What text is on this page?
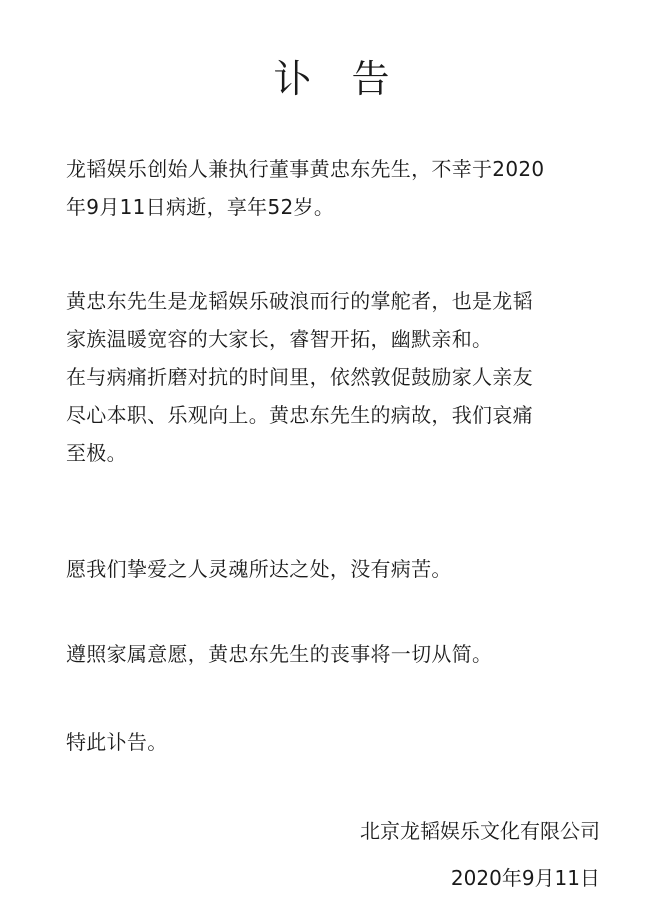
讣 告

龙韬娱乐创始人兼执行董事黄忠东先生，不幸于2020
年9月11日病逝，享年52岁。

黄忠东先生是龙韬娱乐破浪而行的掌舵者，也是龙韬
家族温暖宽容的大家长，睿智开拓，幽默亲和。
在与病痛折磨对抗的时间里，依然敦促鼓励家人亲友
尽心本职、乐观向上。黄忠东先生的病故，我们哀痛
至极。

愿我们挚爱之人灵魂所达之处，没有病苦。

遵照家属意愿，黄忠东先生的丧事将一切从简。

特此讣告。

北京龙韬娱乐文化有限公司

2020年9月11日
